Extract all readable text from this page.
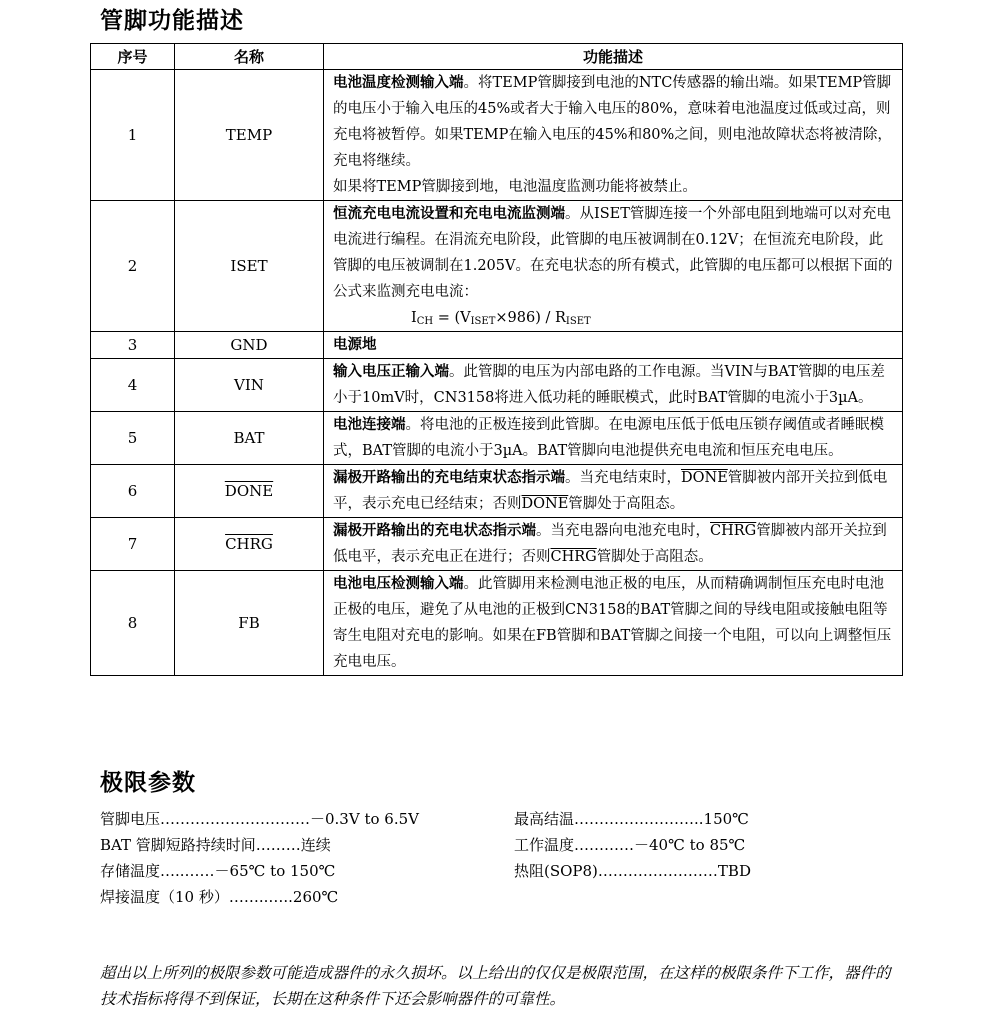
管脚功能描述
序号	名称	功能描述
1	TEMP	电池温度检测输入端。将TEMP管脚接到电池的NTC传感器的输出端。如果TEMP管脚的电压小于输入电压的45%或者大于输入电压的80%，意味着电池温度过低或过高，则充电将被暂停。如果TEMP在输入电压的45%和80%之间，则电池故障状态将被清除，充电将继续。
如果将TEMP管脚接到地，电池温度监测功能将被禁止。
2	ISET	恒流充电电流设置和充电电流监测端。从ISET管脚连接一个外部电阻到地端可以对充电电流进行编程。在涓流充电阶段，此管脚的电压被调制在0.12V；在恒流充电阶段，此管脚的电压被调制在1.205V。在充电状态的所有模式，此管脚的电压都可以根据下面的公式来监测充电电流：
$I_{CH} = (V_{ISET}\times 986) / R_{ISET}$

3	GND	电源地
4	VIN	输入电压正输入端。此管脚的电压为内部电路的工作电源。当VIN与BAT管脚的电压差小于10mV时，CN3158将进入低功耗的睡眠模式，此时BAT管脚的电流小于3µA。
5	BAT	电池连接端。将电池的正极连接到此管脚。在电源电压低于低电压锁存阈值或者睡眠模式，BAT管脚的电流小于3µA。BAT管脚向电池提供充电电流和恒压充电电压。
6	DONE	漏极开路输出的充电结束状态指示端。当充电结束时，DONE管脚被内部开关拉到低电平，表示充电已经结束；否则DONE管脚处于高阻态。
7	CHRG	漏极开路输出的充电状态指示端。当充电器向电池充电时，CHRG管脚被内部开关拉到低电平，表示充电正在进行；否则CHRG管脚处于高阻态。
8	FB	电池电压检测输入端。此管脚用来检测电池正极的电压，从而精确调制恒压充电时电池正极的电压，避免了从电池的正极到CN3158的BAT管脚之间的导线电阻或接触电阻等寄生电阻对充电的影响。如果在FB管脚和BAT管脚之间接一个电阻，可以向上调整恒压充电电压。
极限参数
管脚电压…………………………－0.3V to 6.5V
BAT 管脚短路持续时间………连续
存储温度…..……－65℃ to 150℃
焊接温度（10 秒）……..…..260℃
最高结温……………………..150℃
工作温度…………－40℃ to 85℃
热阻(SOP8)……………………TBD
超出以上所列的极限参数可能造成器件的永久损坏。以上给出的仅仅是极限范围，在这样的极限条件下工作，器件的技术指标将得不到保证，长期在这种条件下还会影响器件的可靠性。
